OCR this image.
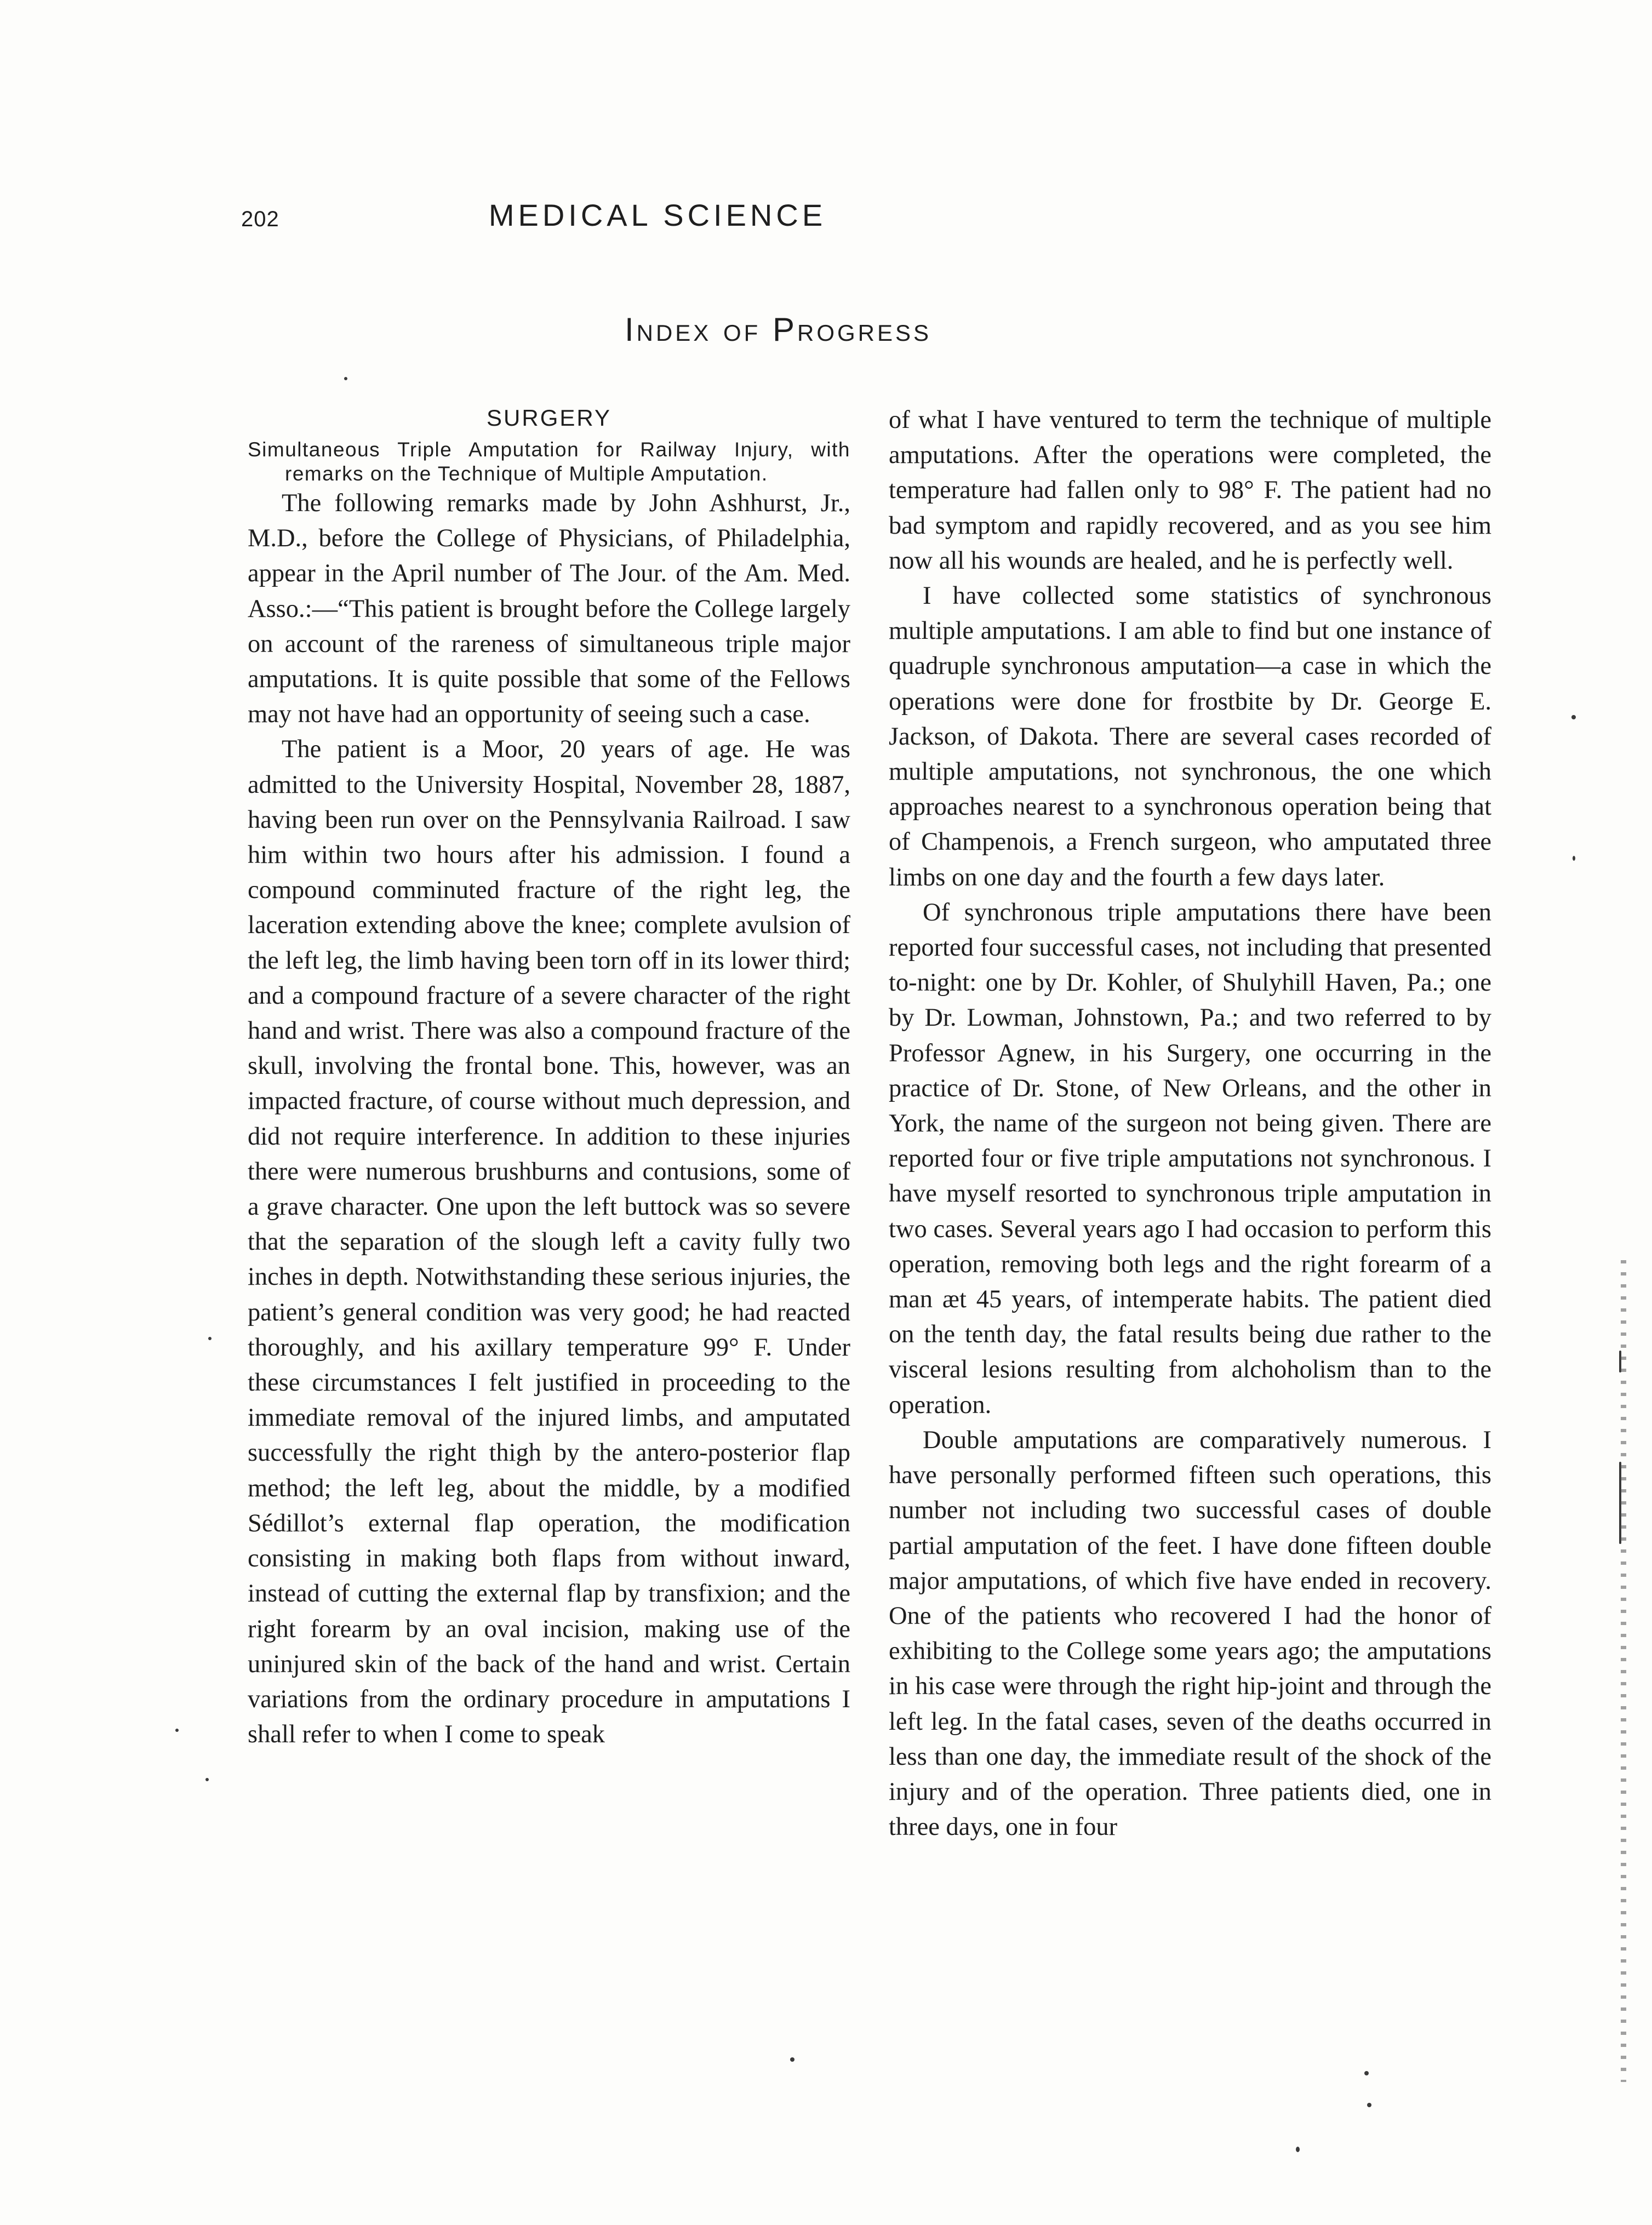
202	MEDICAL SCIENCE
Index of Progress
SURGERY

Simultaneous Triple Amputation for Railway Injury, with remarks on the Technique of Multiple Amputation.

The following remarks made by John Ashhurst, Jr., M.D., before the College of Physicians, of Philadelphia, appear in the April number of The Jour. of the Am. Med. Asso.:—“This patient is brought before the College largely on account of the rareness of simultaneous triple major amputations. It is quite possible that some of the Fellows may not have had an opportunity of seeing such a case.

The patient is a Moor, 20 years of age. He was admitted to the University Hospital, November 28, 1887, having been run over on the Pennsylvania Railroad. I saw him within two hours after his admission. I found a compound comminuted fracture of the right leg, the laceration extending above the knee; complete avulsion of the left leg, the limb having been torn off in its lower third; and a compound fracture of a severe character of the right hand and wrist. There was also a compound fracture of the skull, involving the frontal bone. This, however, was an impacted fracture, of course without much depression, and did not require interference. In addition to these injuries there were numerous brushburns and contusions, some of a grave character. One upon the left buttock was so severe that the separation of the slough left a cavity fully two inches in depth. Notwithstanding these serious injuries, the patient’s general condition was very good; he had reacted thoroughly, and his axillary temperature 99° F. Under these circumstances I felt justified in proceeding to the immediate removal of the injured limbs, and amputated successfully the right thigh by the antero-posterior flap method; the left leg, about the middle, by a modified Sédillot’s external flap operation, the modification consisting in making both flaps from without inward, instead of cutting the external flap by transfixion; and the right forearm by an oval incision, making use of the uninjured skin of the back of the hand and wrist. Certain variations from the ordinary procedure in amputations I shall refer to when I come to speak

of what I have ventured to term the technique of multiple amputations. After the operations were completed, the temperature had fallen only to 98° F. The patient had no bad symptom and rapidly recovered, and as you see him now all his wounds are healed, and he is perfectly well.

I have collected some statistics of synchronous multiple amputations. I am able to find but one instance of quadruple synchronous amputation—a case in which the operations were done for frostbite by Dr. George E. Jackson, of Dakota. There are several cases recorded of multiple amputations, not synchronous, the one which approaches nearest to a synchronous operation being that of Champenois, a French surgeon, who amputated three limbs on one day and the fourth a few days later.

Of synchronous triple amputations there have been reported four successful cases, not including that presented to-night: one by Dr. Kohler, of Shulyhill Haven, Pa.; one by Dr. Lowman, Johnstown, Pa.; and two referred to by Professor Agnew, in his Surgery, one occurring in the practice of Dr. Stone, of New Orleans, and the other in York, the name of the surgeon not being given. There are reported four or five triple amputations not synchronous. I have myself resorted to synchronous triple amputation in two cases. Several years ago I had occasion to perform this operation, removing both legs and the right forearm of a man æt 45 years, of intemperate habits. The patient died on the tenth day, the fatal results being due rather to the visceral lesions resulting from alchoholism than to the operation.

Double amputations are comparatively numerous. I have personally performed fifteen such operations, this number not including two successful cases of double partial amputation of the feet. I have done fifteen double major amputations, of which five have ended in recovery. One of the patients who recovered I had the honor of exhibiting to the College some years ago; the amputations in his case were through the right hip-joint and through the left leg. In the fatal cases, seven of the deaths occurred in less than one day, the immediate result of the shock of the injury and of the operation. Three patients died, one in three days, one in four
